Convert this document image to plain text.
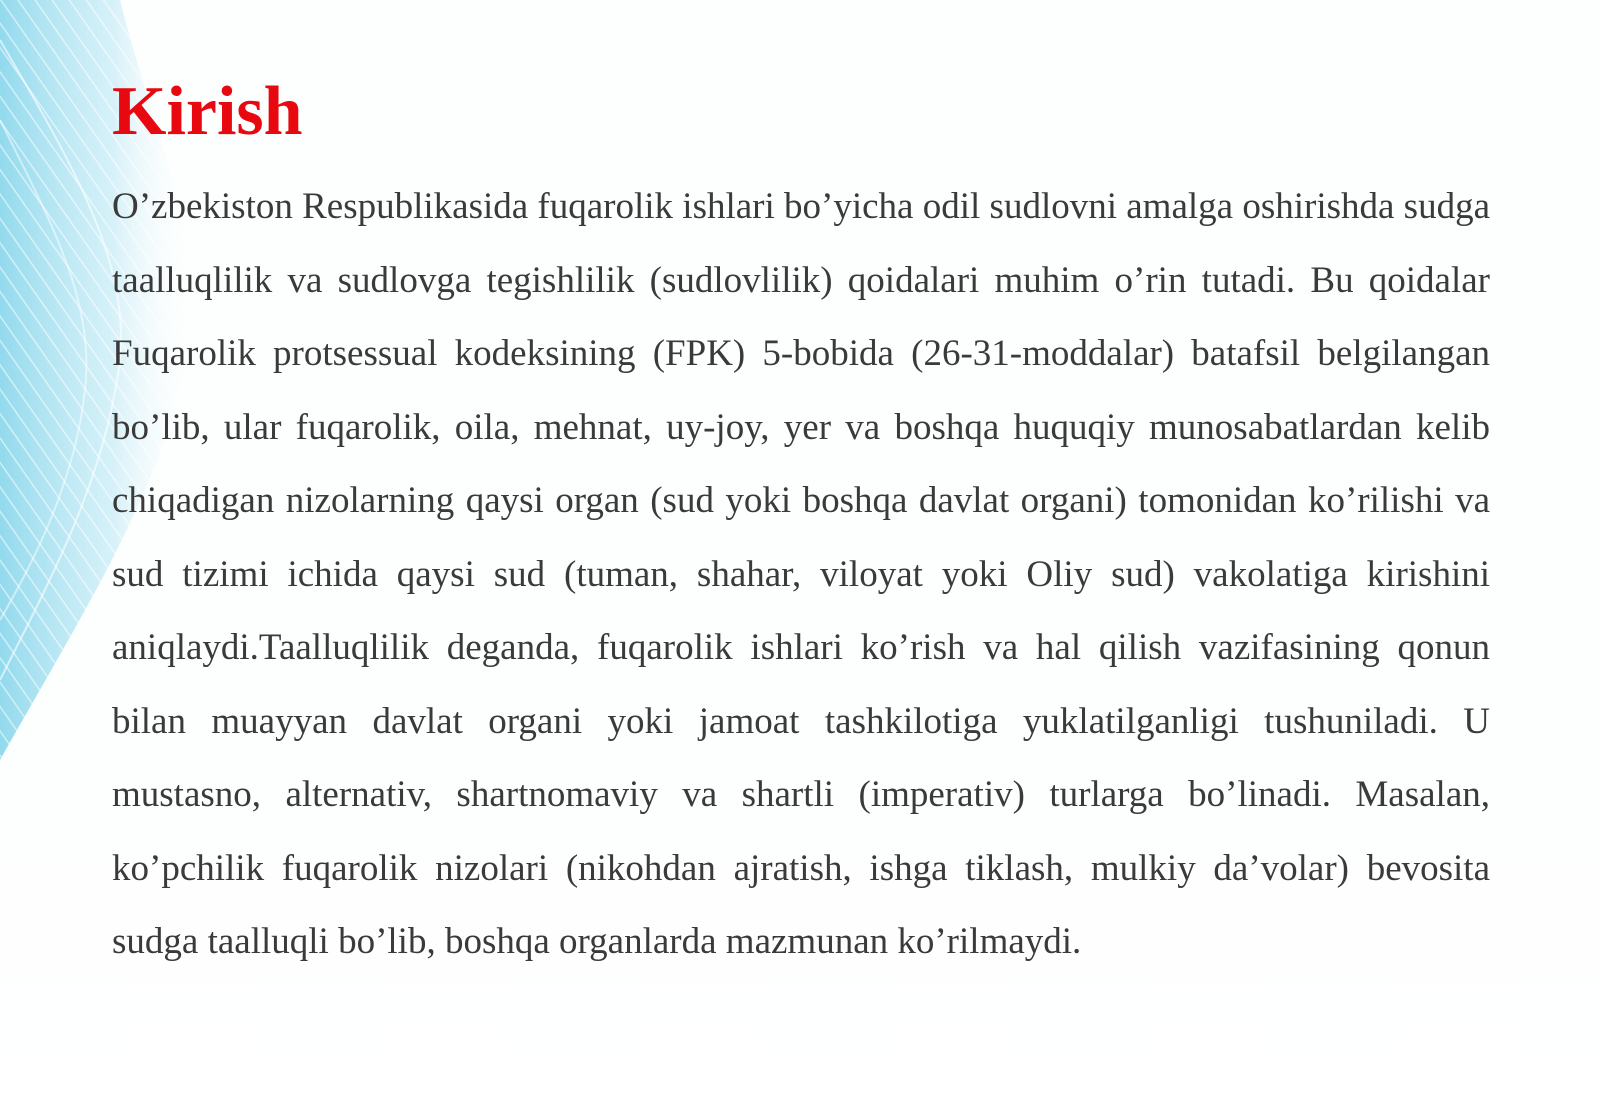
Kirish

O’zbekiston Respublikasida fuqarolik ishlari bo’yicha odil sudlovni amalga oshirishda sudga taalluqlilik va sudlovga tegishlilik (sudlovlilik) qoidalari muhim o’rin tutadi. Bu qoidalar Fuqarolik protsessual kodeksining (FPK) 5-bobida (26-31-moddalar) batafsil belgilangan bo’lib, ular fuqarolik, oila, mehnat, uy-joy, yer va boshqa huquqiy munosabatlardan kelib chiqadigan nizolarning qaysi organ (sud yoki boshqa davlat organi) tomonidan ko’rilishi va sud tizimi ichida qaysi sud (tuman, shahar, viloyat yoki Oliy sud) vakolatiga kirishini aniqlaydi.Taalluqlilik deganda, fuqarolik ishlari ko’rish va hal qilish vazifasining qonun bilan muayyan davlat organi yoki jamoat tashkilotiga yuklatilganligi tushuniladi. U mustasno, alternativ, shartnomaviy va shartli (imperativ) turlarga bo’linadi. Masalan, ko’pchilik fuqarolik nizolari (nikohdan ajratish, ishga tiklash, mulkiy da’volar) bevosita sudga taalluqli bo’lib, boshqa organlarda mazmunan ko’rilmaydi.
